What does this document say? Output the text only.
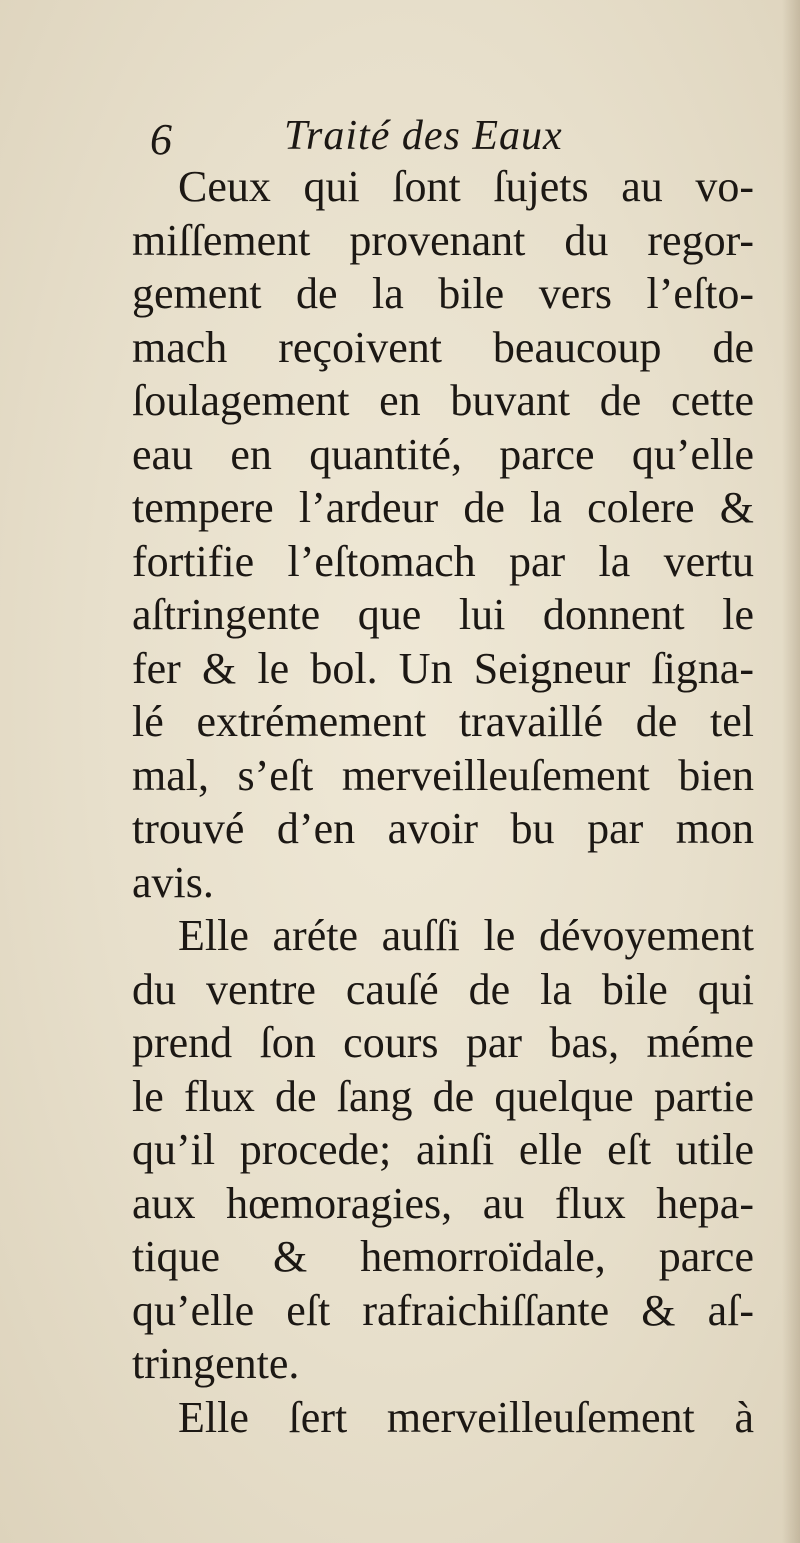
6	Traité des Eaux
Ceux qui ſont ſujets au vo-
miſſement provenant du regor-
gement de la bile vers l’eſto-
mach reçoivent beaucoup de
ſoulagement en buvant de cette
eau en quantité, parce qu’elle
tempere l’ardeur de la colere &
fortifie l’eſtomach par la vertu
aſtringente que lui donnent le
fer & le bol. Un Seigneur ſigna-
lé extrémement travaillé de tel
mal, s’eſt merveilleuſement bien
trouvé d’en avoir bu par mon
avis.
Elle aréte auſſi le dévoyement
du ventre cauſé de la bile qui
prend ſon cours par bas, méme
le flux de ſang de quelque partie
qu’il procede; ainſi elle eſt utile
aux hœmoragies, au flux hepa-
tique & hemorroïdale, parce
qu’elle eſt rafraichiſſante & aſ-
tringente.
Elle ſert merveilleuſement à
